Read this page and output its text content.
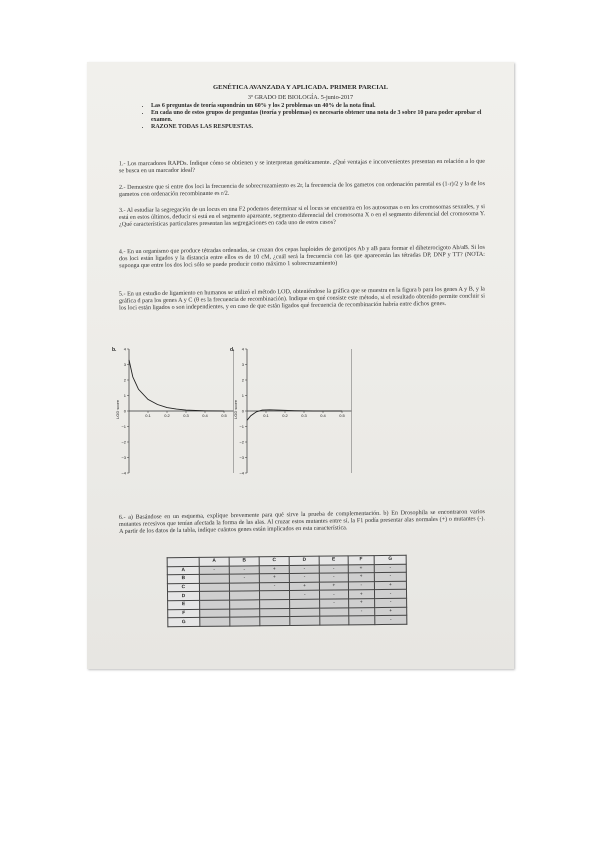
GENÉTICA AVANZADA Y APLICADA. PRIMER PARCIAL

3º GRADO DE BIOLOGÍA. 5-junio-2017

• Las 6 preguntas de teoría supondrán un 60% y los 2 problemas un 40% de la nota final.
• En cada uno de estos grupos de preguntas (teoría y problemas) es necesario obtener una nota de 3 sobre 10 para poder aprobar el examen.
• RAZONE TODAS LAS RESPUESTAS.

1.- Los marcadores RAPDs. Indique cómo se obtienen y se interpretan genéticamente. ¿Qué ventajas e inconvenientes presentan en relación a lo que se busca en un marcador ideal?

2.- Demuestre que si entre dos loci la frecuencia de sobrecruzamiento es 2r, la frecuencia de los gametos con ordenación parental es (1-r)/2 y la de los gametos con ordenación recombinante es r/2.

3.- Al estudiar la segregación de un locus en una F2 podemos determinar si el locus se encuentra en los autosomas o en los cromosomas sexuales, y si está en estos últimos, deducir si está en el segmento apareante, segmento diferencial del cromosoma X o en el segmento diferencial del cromosoma Y. ¿Qué características particulares presentan las segregaciones en cada uno de estos casos?

4.- En un organismo que produce tétradas ordenadas, se cruzan dos cepas haploides de genotipos Ab y aB para formar el diheterocigoto Ab/aB. Si los dos loci están ligados y la distancia entre ellos es de 10 cM, ¿cuál será la frecuencia con las que aparecerán las tétradas DP, DNP y TT? (NOTA: suponga que entre los dos loci sólo se puede producir como máximo 1 sobrecruzamiento)

5.- En un estudio de ligamiento en humanos se utilizó el método LOD, obteniéndose la gráfica que se muestra en la figura b para los genes A y B, y la gráfica d para los genes A y C (θ es la frecuencia de recombinación). Indique en qué consiste este método, si el resultado obtenido permite concluir si los loci están ligados o son independientes, y en caso de que están ligados qué frecuencia de recombinación habría entre dichos genes.

b.
LOD score
4
3
2
1
0
−1
−2
−3
−4
0.1	0.2	0.3	0.4	0.5
d.
LOD score
4
3
2
1
0
−1
−2
−3
−4
0.1	0.2	0.3	0.4	0.5

6.- a) Basándose en un esquema, explique brevemente para qué sirve la prueba de complementación. b) En Drosophila se encontraron varios mutantes recesivos que tenían afectada la forma de las alas. Al cruzar estos mutantes entre sí, la F1 podía presentar alas normales (+) o mutantes (-). A partir de los datos de la tabla, indique cuántos genes están implicados en esta característica.

	A	B	C	D	E	F	G
A	-	-	+	-	-	+	-
B		-	+	-	-	+	-
C			-	+	+	-	+
D				-	-	+	-
E					-	+	-
F						-	+
G							-
